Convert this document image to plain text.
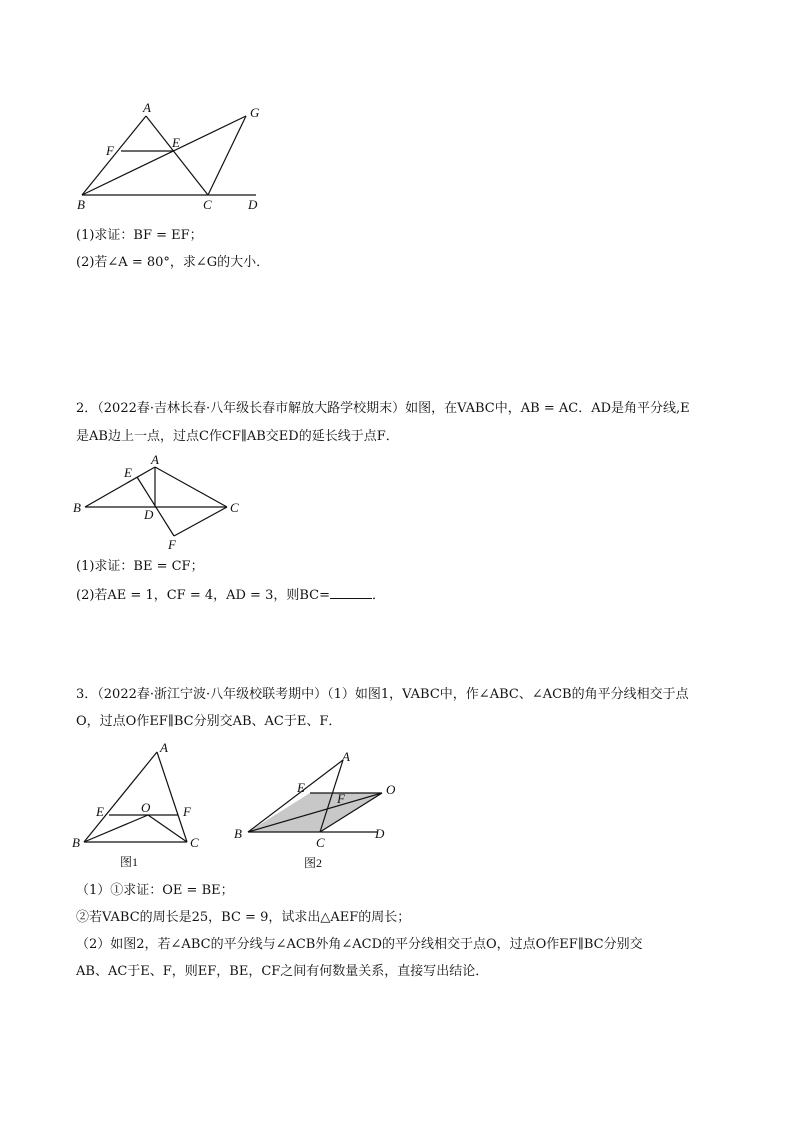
A	G
F
E
B	C	D
(1)求证：BF = EF；
(2)若∠A = 80°，求∠G的大小．
2．（2022春·吉林长春·八年级长春市解放大路学校期末）如图，在VABC中，AB = AC．AD是角平分线,E
是AB边上一点，过点C作CF∥AB交ED的延长线于点F．
A
E
B	D	C
F
(1)求证：BE = CF；
(2)若AE = 1，CF = 4，AD = 3，则BC=	．
3．（2022春·浙江宁波·八年级校联考期中）（1）如图1，VABC中，作∠ABC、∠ACB的角平分线相交于点
O，过点O作EF∥BC分别交AB、AC于E、F．
A
E	O	F
B	C
图1
A
E
F
O
B
C
D
图2
（1）①求证：OE = BE；
②若VABC的周长是25，BC = 9，试求出△AEF的周长；
（2）如图2，若∠ABC的平分线与∠ACB外角∠ACD的平分线相交于点O，过点O作EF∥BC分别交
AB、AC于E、F，则EF，BE，CF之间有何数量关系，直接写出结论．
